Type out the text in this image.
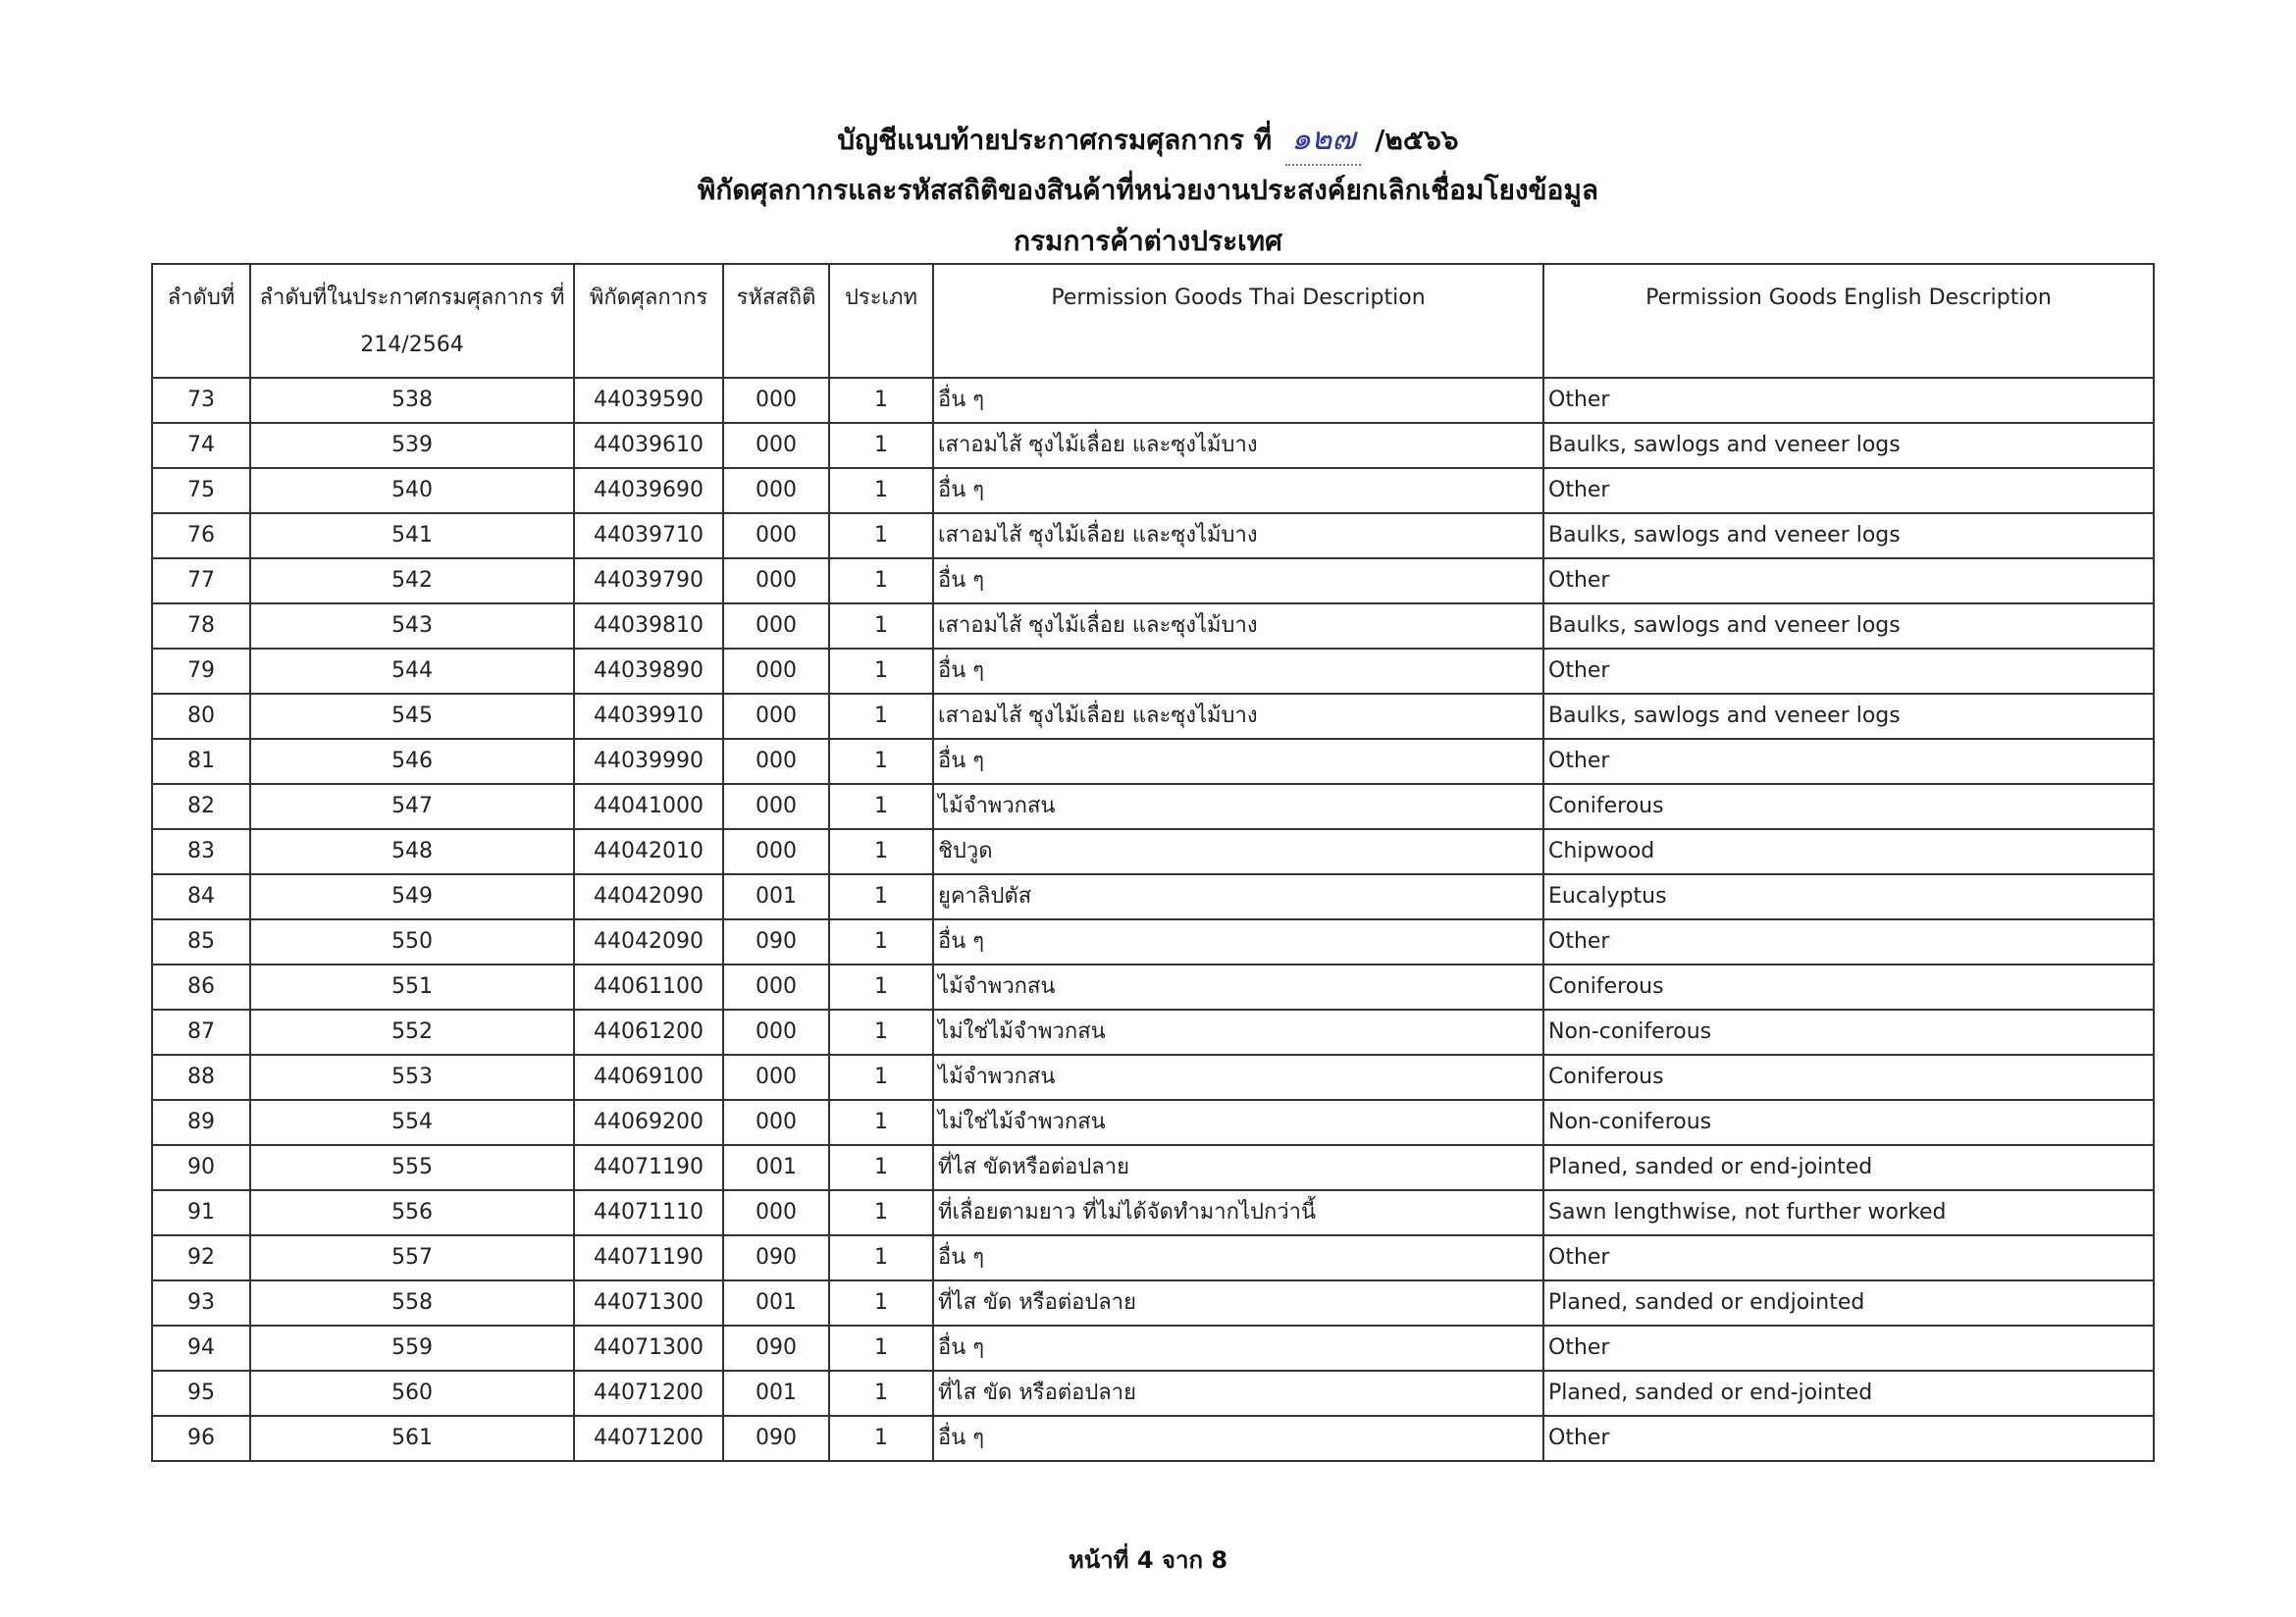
บัญชีแนบท้ายประกาศกรมศุลกากร ที่ ๑๒๗ /๒๕๖๖
พิกัดศุลกากรและรหัสสถิติของสินค้าที่หน่วยงานประสงค์ยกเลิกเชื่อมโยงข้อมูล
กรมการค้าต่างประเทศ
ลำดับที่	ลำดับที่ในประกาศกรมศุลกากร ที่ 214/2564	พิกัดศุลกากร	รหัสสถิติ	ประเภท	Permission Goods Thai Description	Permission Goods English Description
73	538	44039590	000	1	อื่น ๆ	Other
74	539	44039610	000	1	เสาอมไส้ ซุงไม้เลื่อย และซุงไม้บาง	Baulks, sawlogs and veneer logs
75	540	44039690	000	1	อื่น ๆ	Other
76	541	44039710	000	1	เสาอมไส้ ซุงไม้เลื่อย และซุงไม้บาง	Baulks, sawlogs and veneer logs
77	542	44039790	000	1	อื่น ๆ	Other
78	543	44039810	000	1	เสาอมไส้ ซุงไม้เลื่อย และซุงไม้บาง	Baulks, sawlogs and veneer logs
79	544	44039890	000	1	อื่น ๆ	Other
80	545	44039910	000	1	เสาอมไส้ ซุงไม้เลื่อย และซุงไม้บาง	Baulks, sawlogs and veneer logs
81	546	44039990	000	1	อื่น ๆ	Other
82	547	44041000	000	1	ไม้จำพวกสน	Coniferous
83	548	44042010	000	1	ชิปวูด	Chipwood
84	549	44042090	001	1	ยูคาลิปตัส	Eucalyptus
85	550	44042090	090	1	อื่น ๆ	Other
86	551	44061100	000	1	ไม้จำพวกสน	Coniferous
87	552	44061200	000	1	ไม่ใช่ไม้จำพวกสน	Non-coniferous
88	553	44069100	000	1	ไม้จำพวกสน	Coniferous
89	554	44069200	000	1	ไม่ใช่ไม้จำพวกสน	Non-coniferous
90	555	44071190	001	1	ที่ไส ขัดหรือต่อปลาย	Planed, sanded or end-jointed
91	556	44071110	000	1	ที่เลื่อยตามยาว ที่ไม่ได้จัดทำมากไปกว่านี้	Sawn lengthwise, not further worked
92	557	44071190	090	1	อื่น ๆ	Other
93	558	44071300	001	1	ที่ไส ขัด หรือต่อปลาย	Planed, sanded or endjointed
94	559	44071300	090	1	อื่น ๆ	Other
95	560	44071200	001	1	ที่ไส ขัด หรือต่อปลาย	Planed, sanded or end-jointed
96	561	44071200	090	1	อื่น ๆ	Other
หน้าที่ 4 จาก 8
